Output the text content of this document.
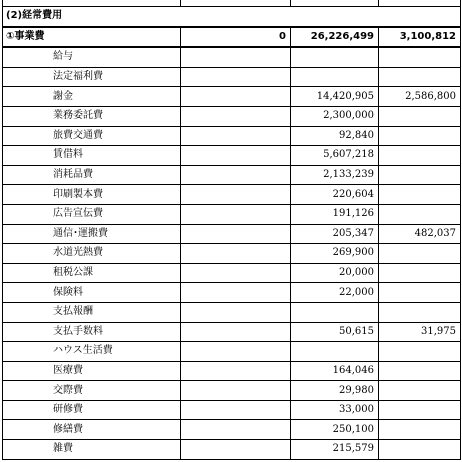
(2)経常費用			
①事業費	0	26,226,499	3,100,812
給与			
法定福利費			
謝金		14,420,905	2,586,800
業務委託費		2,300,000	
旅費交通費		92,840	
賃借料		5,607,218	
消耗品費		2,133,239	
印刷製本費		220,604	
広告宣伝費		191,126	
通信･運搬費		205,347	482,037
水道光熱費		269,900	
租税公課		20,000	
保険料		22,000	
支払報酬			
支払手数料		50,615	31,975
ハウス生活費			
医療費		164,046	
交際費		29,980	
研修費		33,000	
修繕費		250,100	
雑費		215,579	
